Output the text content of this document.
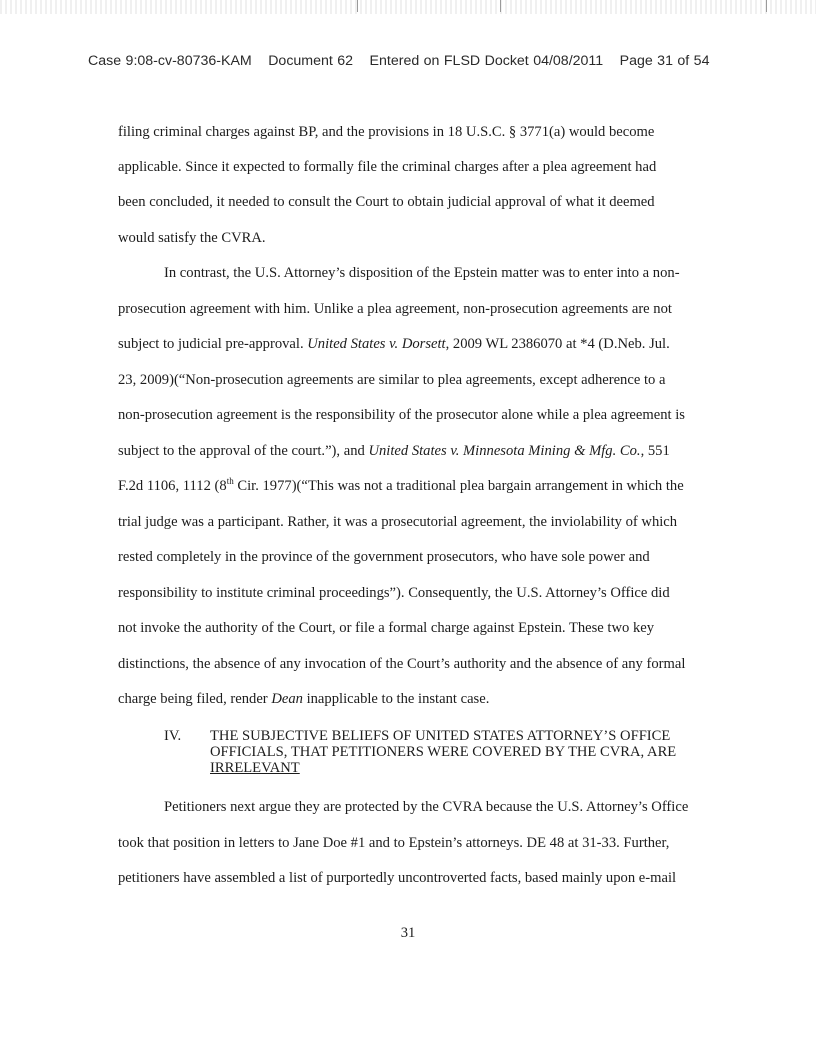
Case 9:08-cv-80736-KAM Document 62 Entered on FLSD Docket 04/08/2011 Page 31 of 54
filing criminal charges against BP, and the provisions in 18 U.S.C. § 3771(a) would become
applicable. Since it expected to formally file the criminal charges after a plea agreement had
been concluded, it needed to consult the Court to obtain judicial approval of what it deemed
would satisfy the CVRA.
In contrast, the U.S. Attorney’s disposition of the Epstein matter was to enter into a non-
prosecution agreement with him. Unlike a plea agreement, non-prosecution agreements are not
subject to judicial pre-approval. United States v. Dorsett, 2009 WL 2386070 at *4 (D.Neb. Jul.
23, 2009)(“Non-prosecution agreements are similar to plea agreements, except adherence to a
non-prosecution agreement is the responsibility of the prosecutor alone while a plea agreement is
subject to the approval of the court.”), and United States v. Minnesota Mining & Mfg. Co., 551
F.2d 1106, 1112 (8th Cir. 1977)(“This was not a traditional plea bargain arrangement in which the
trial judge was a participant. Rather, it was a prosecutorial agreement, the inviolability of which
rested completely in the province of the government prosecutors, who have sole power and
responsibility to institute criminal proceedings”). Consequently, the U.S. Attorney’s Office did
not invoke the authority of the Court, or file a formal charge against Epstein. These two key
distinctions, the absence of any invocation of the Court’s authority and the absence of any formal
charge being filed, render Dean inapplicable to the instant case.
IV. THE SUBJECTIVE BELIEFS OF UNITED STATES ATTORNEY’S OFFICE
OFFICIALS, THAT PETITIONERS WERE COVERED BY THE CVRA, ARE
IRRELEVANT
Petitioners next argue they are protected by the CVRA because the U.S. Attorney’s Office
took that position in letters to Jane Doe #1 and to Epstein’s attorneys. DE 48 at 31-33. Further,
petitioners have assembled a list of purportedly uncontroverted facts, based mainly upon e-mail
31
